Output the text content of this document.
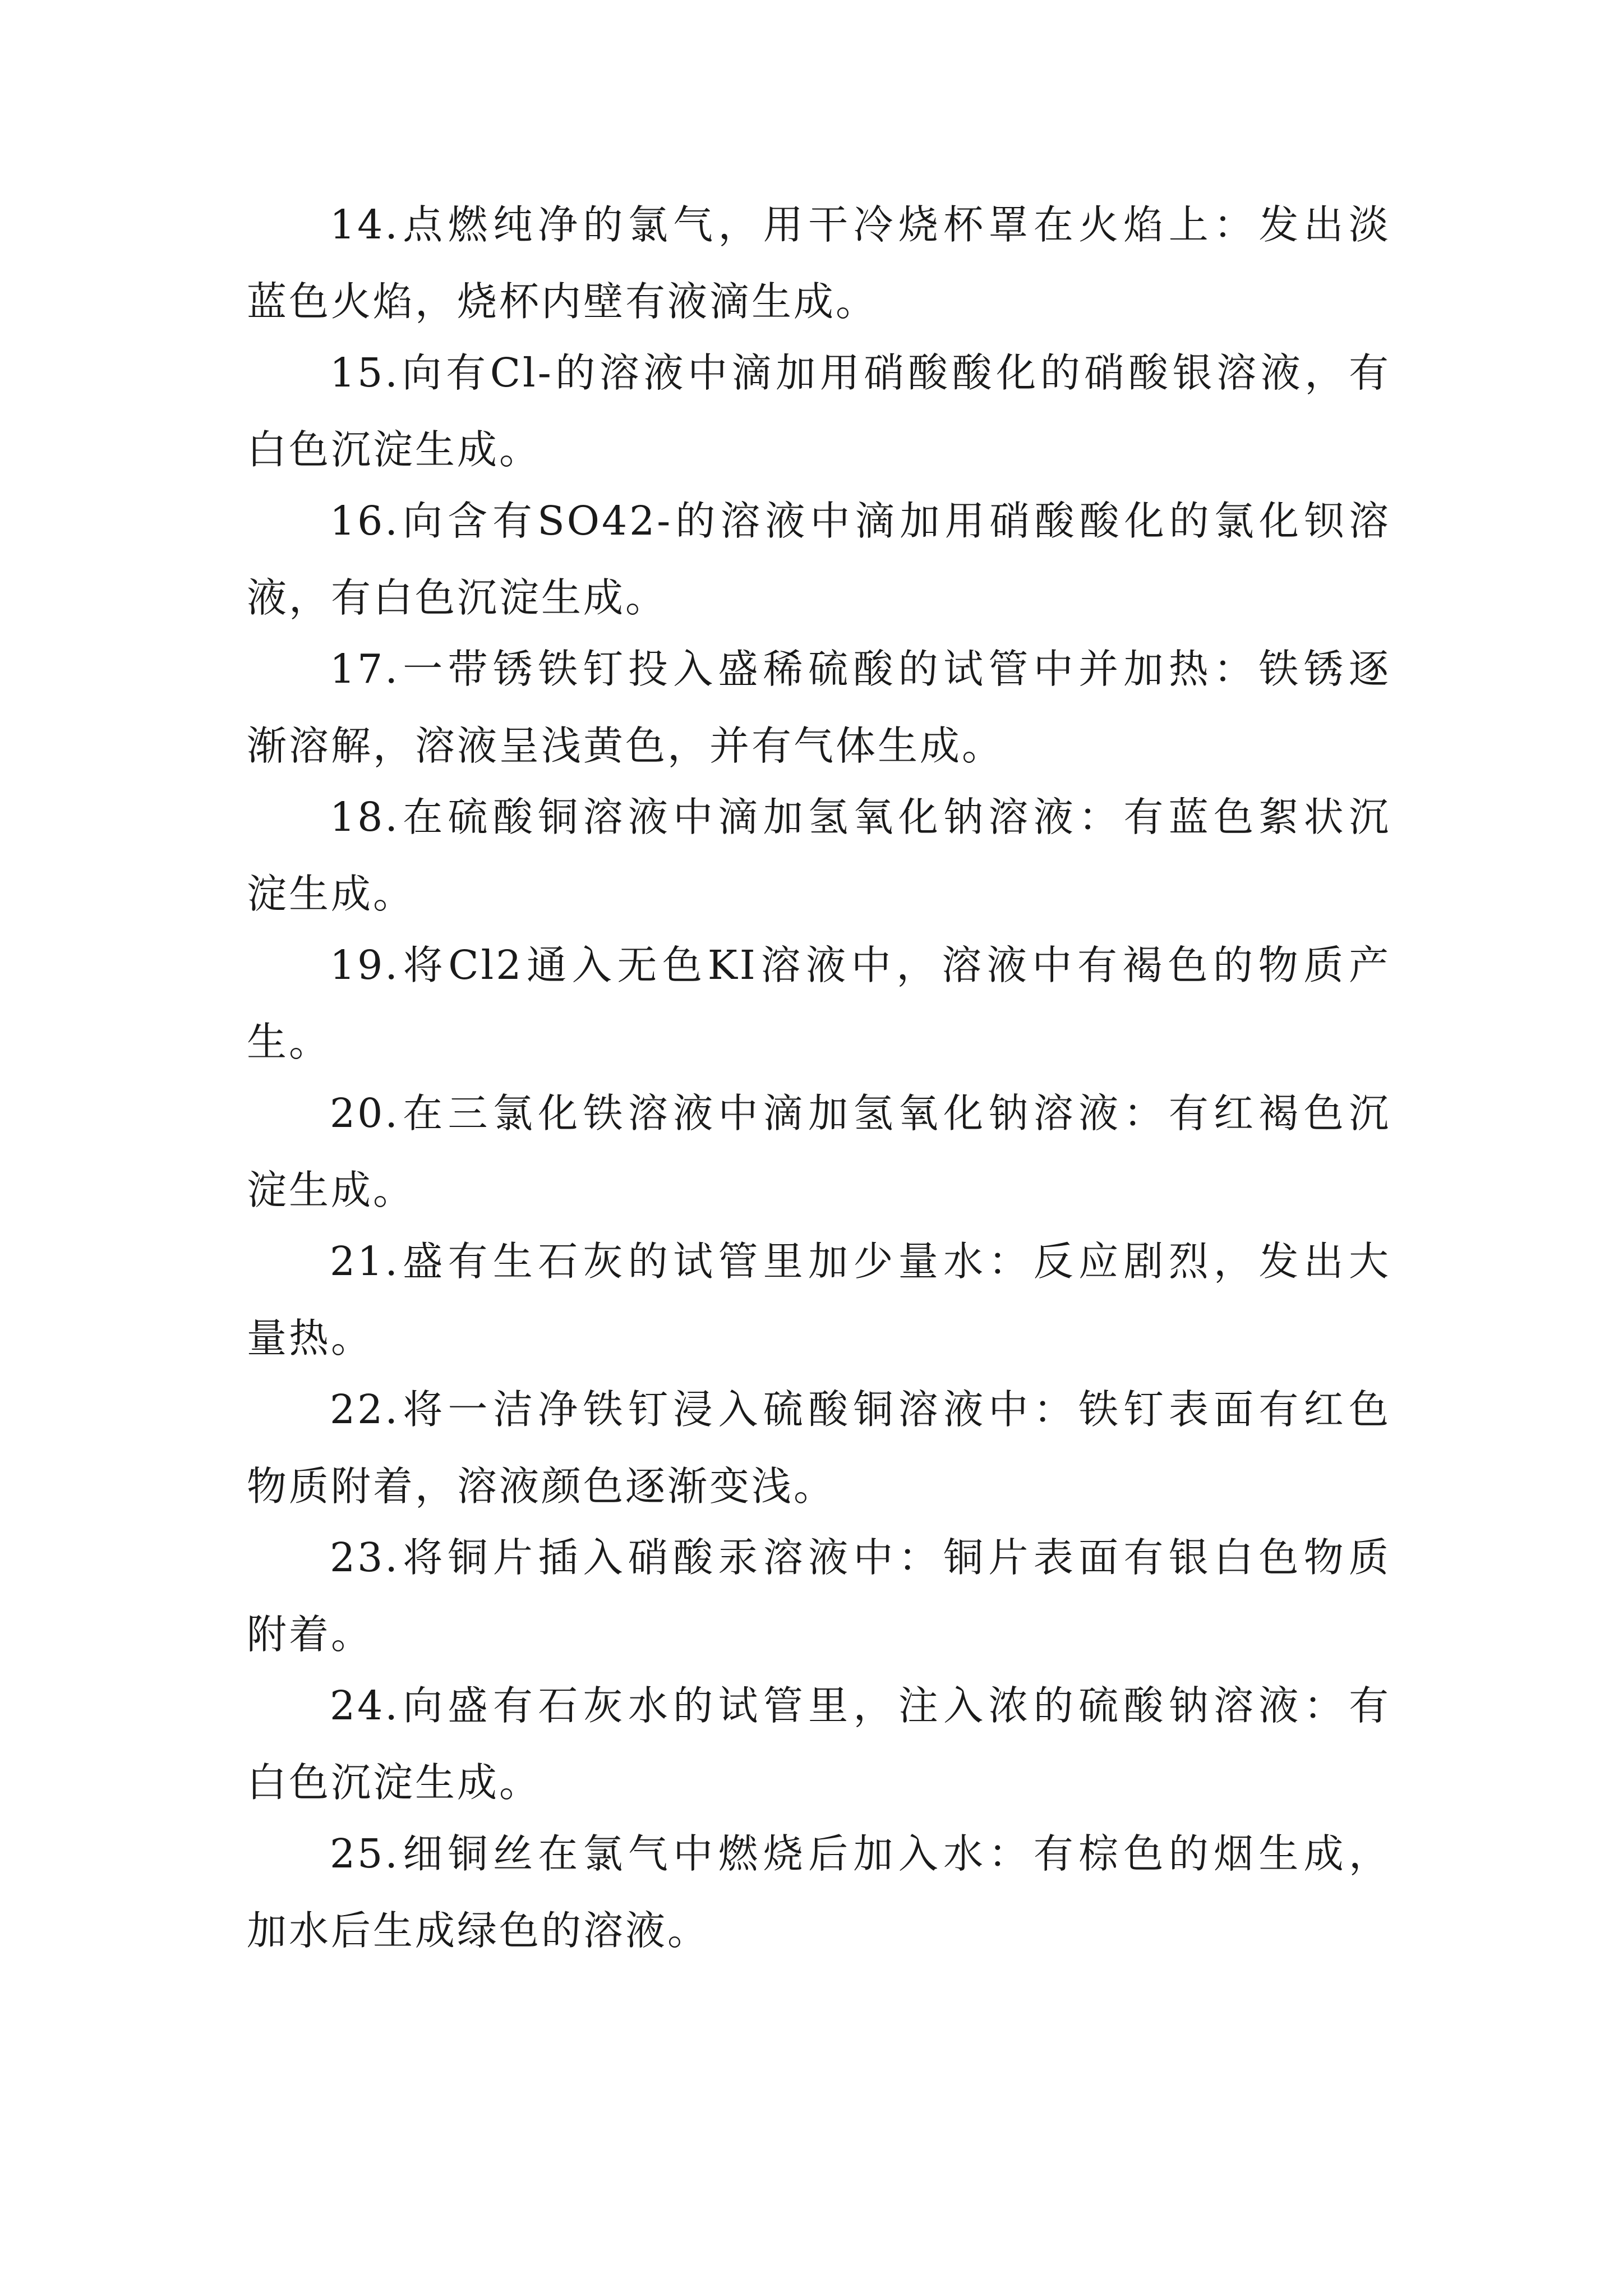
14.点燃纯净的氯气，用干冷烧杯罩在火焰上：发出淡
蓝色火焰，烧杯内壁有液滴生成。
15.向有Cl-的溶液中滴加用硝酸酸化的硝酸银溶液，有
白色沉淀生成。
16.向含有SO42-的溶液中滴加用硝酸酸化的氯化钡溶
液，有白色沉淀生成。
17.一带锈铁钉投入盛稀硫酸的试管中并加热：铁锈逐
渐溶解，溶液呈浅黄色，并有气体生成。
18.在硫酸铜溶液中滴加氢氧化钠溶液：有蓝色絮状沉
淀生成。
19.将Cl2通入无色KI溶液中，溶液中有褐色的物质产
生。
20.在三氯化铁溶液中滴加氢氧化钠溶液：有红褐色沉
淀生成。
21.盛有生石灰的试管里加少量水：反应剧烈，发出大
量热。
22.将一洁净铁钉浸入硫酸铜溶液中：铁钉表面有红色
物质附着，溶液颜色逐渐变浅。
23.将铜片插入硝酸汞溶液中：铜片表面有银白色物质
附着。
24.向盛有石灰水的试管里，注入浓的硫酸钠溶液：有
白色沉淀生成。
25.细铜丝在氯气中燃烧后加入水：有棕色的烟生成，
加水后生成绿色的溶液。
